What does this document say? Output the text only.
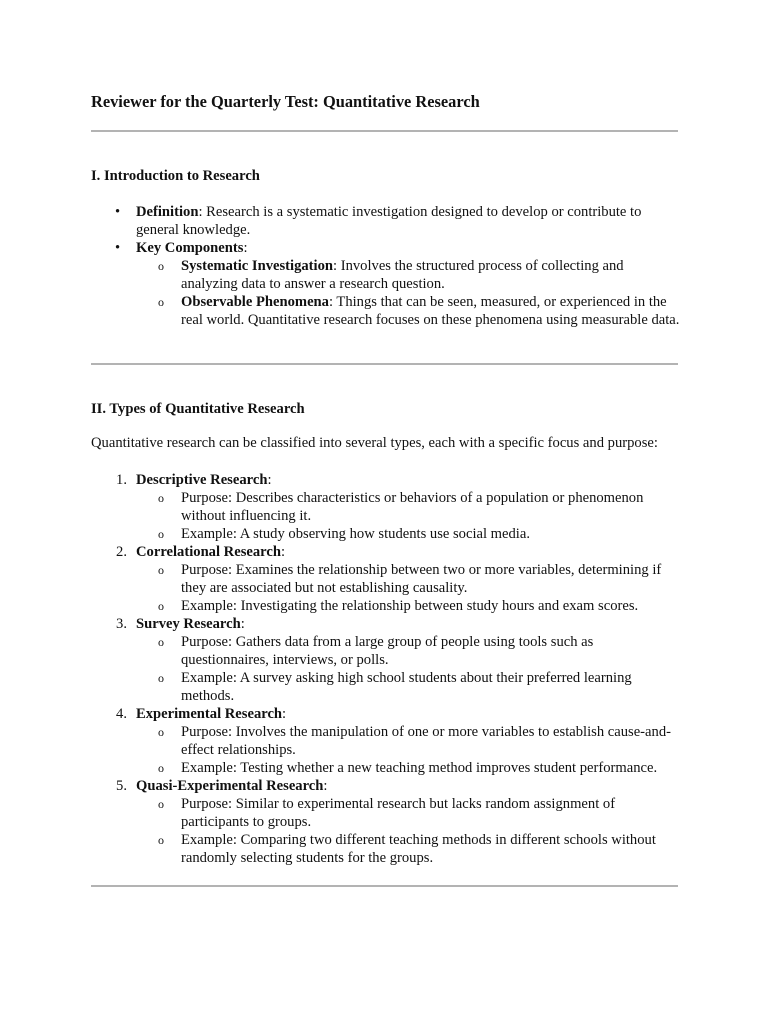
Reviewer for the Quarterly Test: Quantitative Research
I. Introduction to Research
• Definition: Research is a systematic investigation designed to develop or contribute to general knowledge.
• Key Components:
o Systematic Investigation: Involves the structured process of collecting and analyzing data to answer a research question.
o Observable Phenomena: Things that can be seen, measured, or experienced in the real world. Quantitative research focuses on these phenomena using measurable data.
II. Types of Quantitative Research

Quantitative research can be classified into several types, each with a specific focus and purpose:

1. Descriptive Research:
o Purpose: Describes characteristics or behaviors of a population or phenomenon without influencing it.
o Example: A study observing how students use social media.
2. Correlational Research:
o Purpose: Examines the relationship between two or more variables, determining if they are associated but not establishing causality.
o Example: Investigating the relationship between study hours and exam scores.
3. Survey Research:
o Purpose: Gathers data from a large group of people using tools such as questionnaires, interviews, or polls.
o Example: A survey asking high school students about their preferred learning methods.
4. Experimental Research:
o Purpose: Involves the manipulation of one or more variables to establish cause-and-effect relationships.
o Example: Testing whether a new teaching method improves student performance.
5. Quasi-Experimental Research:
o Purpose: Similar to experimental research but lacks random assignment of participants to groups.
o Example: Comparing two different teaching methods in different schools without randomly selecting students for the groups.
